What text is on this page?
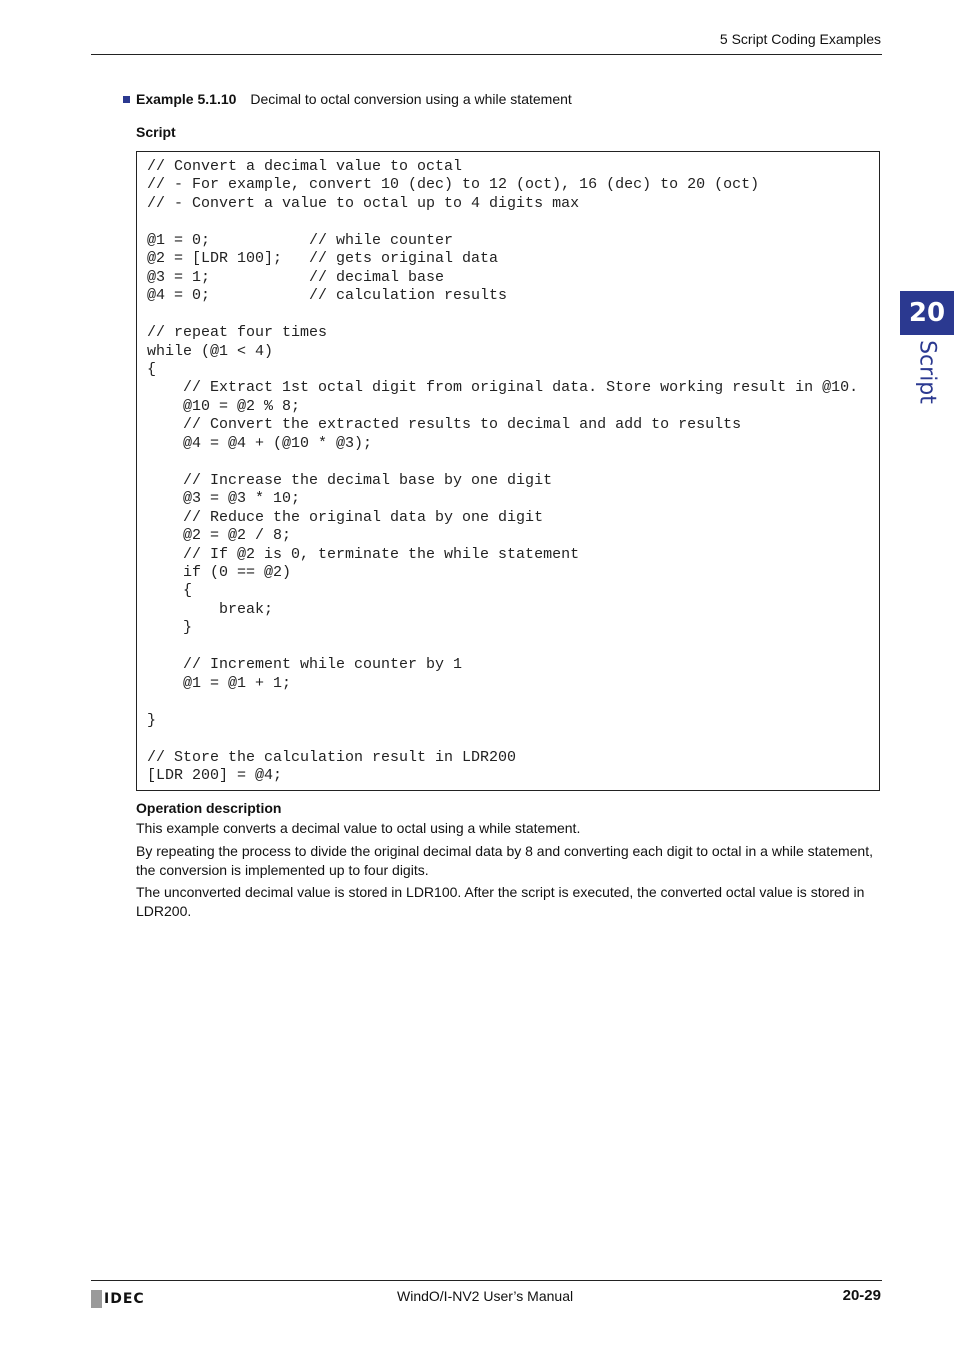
5 Script Coding Examples
Example 5.1.10 Decimal to octal conversion using a while statement
Script
// Convert a decimal value to octal
// - For example, convert 10 (dec) to 12 (oct), 16 (dec) to 20 (oct)
// - Convert a value to octal up to 4 digits max

@1 = 0;           // while counter
@2 = [LDR 100];   // gets original data
@3 = 1;           // decimal base
@4 = 0;           // calculation results

// repeat four times
while (@1 < 4)
{
// Extract 1st octal digit from original data. Store working result in @10.
@10 = @2 % 8;
// Convert the extracted results to decimal and add to results
@4 = @4 + (@10 * @3);

// Increase the decimal base by one digit
@3 = @3 * 10;
// Reduce the original data by one digit
@2 = @2 / 8;
// If @2 is 0, terminate the while statement
if (0 == @2)
{
break;
}

// Increment while counter by 1
@1 = @1 + 1;

}

// Store the calculation result in LDR200
[LDR 200] = @4;
Operation description

This example converts a decimal value to octal using a while statement.

By repeating the process to divide the original decimal data by 8 and converting each digit to octal in a while statement, the conversion is implemented up to four digits.

The unconverted decimal value is stored in LDR100. After the script is executed, the converted octal value is stored in LDR200.

20
Script
IDEC	WindO/I-NV2 User’s Manual	20-29
